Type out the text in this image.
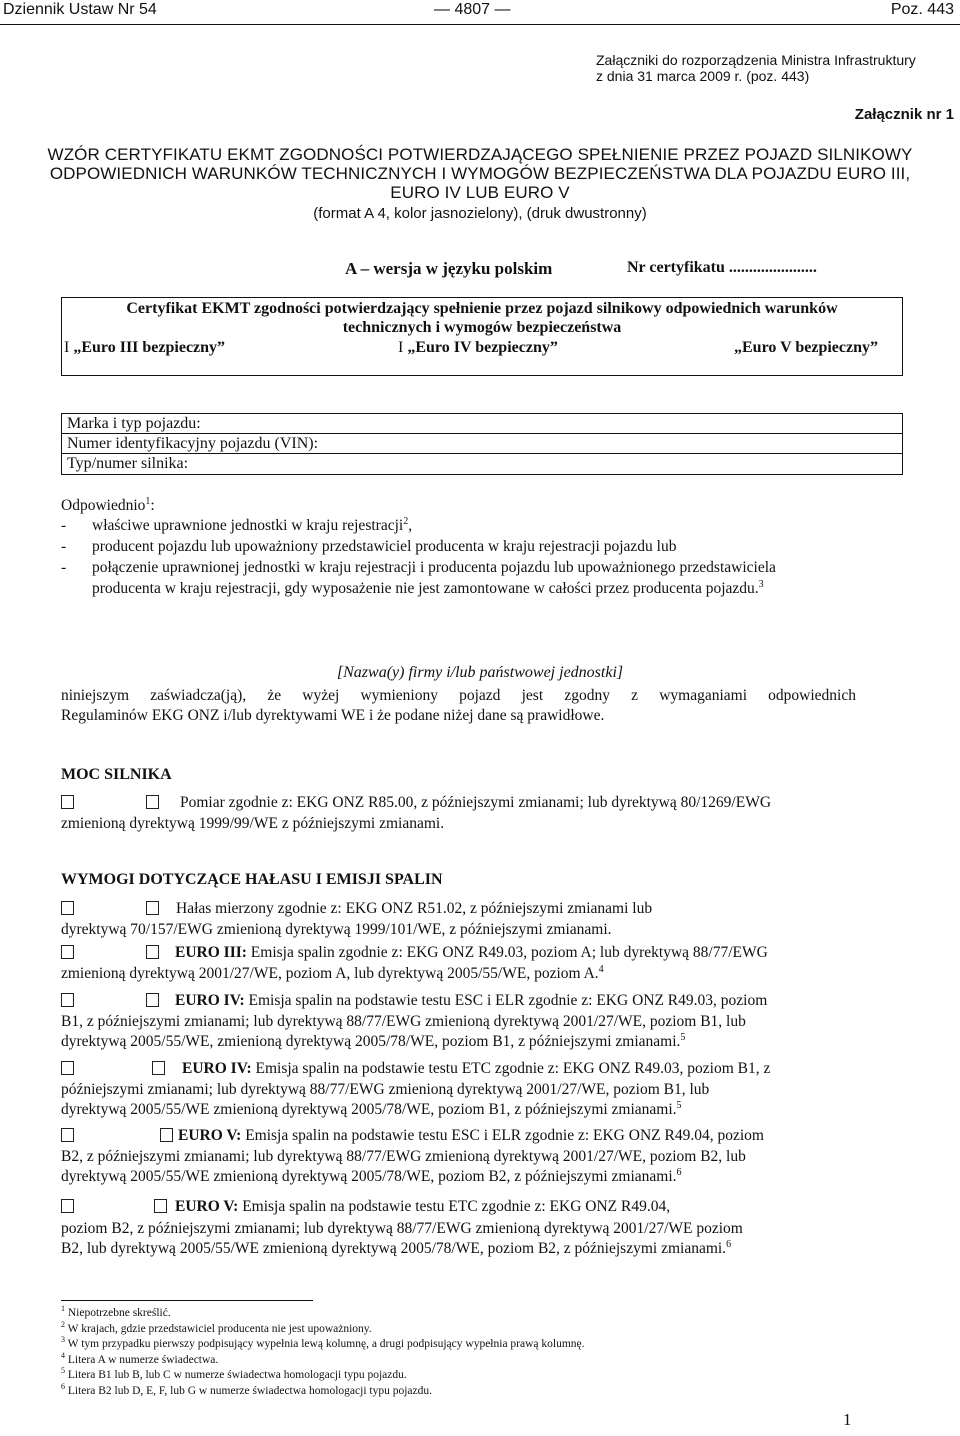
Dziennik Ustaw Nr 54	— 4807 —	Poz. 443
Załączniki do rozporządzenia Ministra Infrastruktury
z dnia 31 marca 2009 r. (poz. 443)
Załącznik nr 1
WZÓR CERTYFIKATU EKMT ZGODNOŚCI POTWIERDZAJĄCEGO SPEŁNIENIE PRZEZ POJAZD SILNIKOWY
ODPOWIEDNICH WARUNKÓW TECHNICZNYCH I WYMOGÓW BEZPIECZEŃSTWA DLA POJAZDU EURO III,
EURO IV LUB EURO V
(format A 4, kolor jasnozielony), (druk dwustronny)
A – wersja w języku polskim	Nr certyfikatu ......................
Certyfikat EKMT zgodności potwierdzający spełnienie przez pojazd silnikowy odpowiednich warunków
technicznych i wymogów bezpieczeństwa
I „Euro III bezpieczny”	I „Euro IV bezpieczny”	„Euro V bezpieczny”
Marka i typ pojazdu:
Numer identyfikacyjny pojazdu (VIN):
Typ/numer silnika:
Odpowiednio$^1$:
- właściwe uprawnione jednostki w kraju rejestracji$^2$,
- producent pojazdu lub upoważniony przedstawiciel producenta w kraju rejestracji pojazdu lub
- połączenie uprawnionej jednostki w kraju rejestracji i producenta pojazdu lub upoważnionego przedstawiciela producenta w kraju rejestracji, gdy wyposażenie nie jest zamontowane w całości przez producenta pojazdu.$^3$
[Nazwa(y) firmy i/lub państwowej jednostki]
niniejszym zaświadcza(ją), że wyżej wymieniony pojazd jest zgodny z wymaganiami odpowiednich
Regulaminów EKG ONZ i/lub dyrektywami WE i że podane niżej dane są prawidłowe.
MOC SILNIKA
Pomiar zgodnie z: EKG ONZ R85.00, z późniejszymi zmianami; lub dyrektywą 80/1269/EWG
zmienioną dyrektywą 1999/99/WE z późniejszymi zmianami.
WYMOGI DOTYCZĄCE HAŁASU I EMISJI SPALIN
Hałas mierzony zgodnie z: EKG ONZ R51.02, z późniejszymi zmianami lub
dyrektywą 70/157/EWG zmienioną dyrektywą 1999/101/WE, z późniejszymi zmianami.
EURO III: Emisja spalin zgodnie z: EKG ONZ R49.03, poziom A; lub dyrektywą 88/77/EWG
zmienioną dyrektywą 2001/27/WE, poziom A, lub dyrektywą 2005/55/WE, poziom A.$^4$
EURO IV: Emisja spalin na podstawie testu ESC i ELR zgodnie z: EKG ONZ R49.03, poziom
B1, z późniejszymi zmianami; lub dyrektywą 88/77/EWG zmienioną dyrektywą 2001/27/WE, poziom B1, lub
dyrektywą 2005/55/WE, zmienioną dyrektywą 2005/78/WE, poziom B1, z późniejszymi zmianami.$^5$
EURO IV: Emisja spalin na podstawie testu ETC zgodnie z: EKG ONZ R49.03, poziom B1, z
późniejszymi zmianami; lub dyrektywą 88/77/EWG zmienioną dyrektywą 2001/27/WE, poziom B1, lub
dyrektywą 2005/55/WE zmienioną dyrektywą 2005/78/WE, poziom B1, z późniejszymi zmianami.$^5$
EURO V: Emisja spalin na podstawie testu ESC i ELR zgodnie z: EKG ONZ R49.04, poziom
B2, z późniejszymi zmianami; lub dyrektywą 88/77/EWG zmienioną dyrektywą 2001/27/WE, poziom B2, lub
dyrektywą 2005/55/WE zmienioną dyrektywą 2005/78/WE, poziom B2, z późniejszymi zmianami.$^6$
EURO V: Emisja spalin na podstawie testu ETC zgodnie z: EKG ONZ R49.04,
poziom B2, z późniejszymi zmianami; lub dyrektywą 88/77/EWG zmienioną dyrektywą 2001/27/WE poziom
B2, lub dyrektywą 2005/55/WE zmienioną dyrektywą 2005/78/WE, poziom B2, z późniejszymi zmianami.$^6$
$^1$ Niepotrzebne skreślić.
$^2$ W krajach, gdzie przedstawiciel producenta nie jest upoważniony.
$^3$ W tym przypadku pierwszy podpisujący wypełnia lewą kolumnę, a drugi podpisujący wypełnia prawą kolumnę.
$^4$ Litera A w numerze świadectwa.
$^5$ Litera B1 lub B, lub C w numerze świadectwa homologacji typu pojazdu.
$^6$ Litera B2 lub D, E, F, lub G w numerze świadectwa homologacji typu pojazdu.
1
